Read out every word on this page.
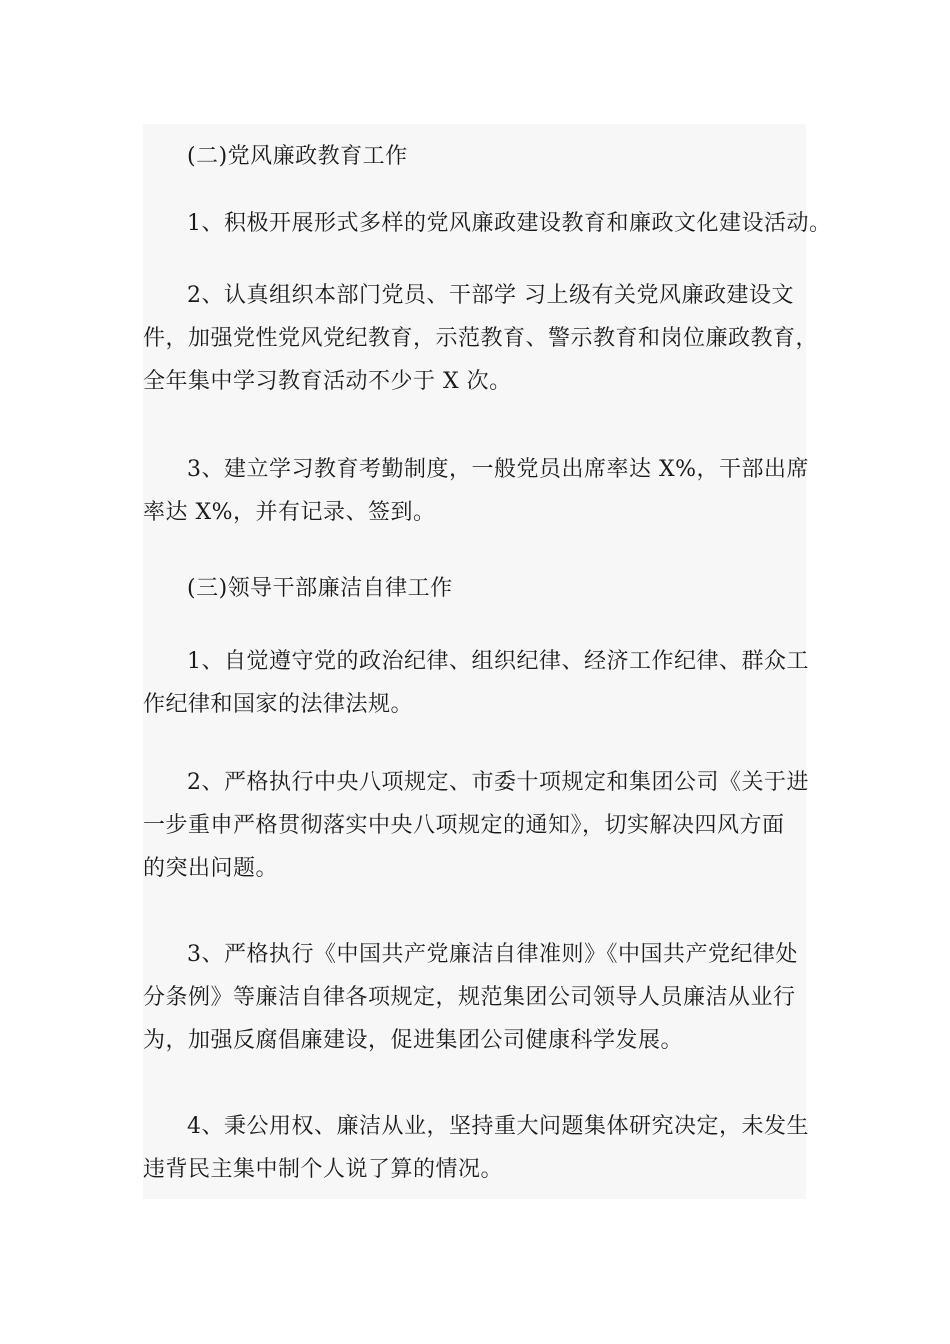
(二)党风廉政教育工作

1、积极开展形式多样的党风廉政建设教育和廉政文化建设活动。

2、认真组织本部门党员、干部学 习上级有关党风廉政建设文
件，加强党性党风党纪教育，示范教育、警示教育和岗位廉政教育，
全年集中学习教育活动不少于 X 次。

3、建立学习教育考勤制度，一般党员出席率达 X%，干部出席
率达 X%，并有记录、签到。

(三)领导干部廉洁自律工作

1、自觉遵守党的政治纪律、组织纪律、经济工作纪律、群众工
作纪律和国家的法律法规。

2、严格执行中央八项规定、市委十项规定和集团公司《关于进
一步重申严格贯彻落实中央八项规定的通知》，切实解决四风方面
的突出问题。

3、严格执行《中国共产党廉洁自律准则》《中国共产党纪律处
分条例》等廉洁自律各项规定，规范集团公司领导人员廉洁从业行
为，加强反腐倡廉建设，促进集团公司健康科学发展。

4、秉公用权、廉洁从业，坚持重大问题集体研究决定，未发生
违背民主集中制个人说了算的情况。
